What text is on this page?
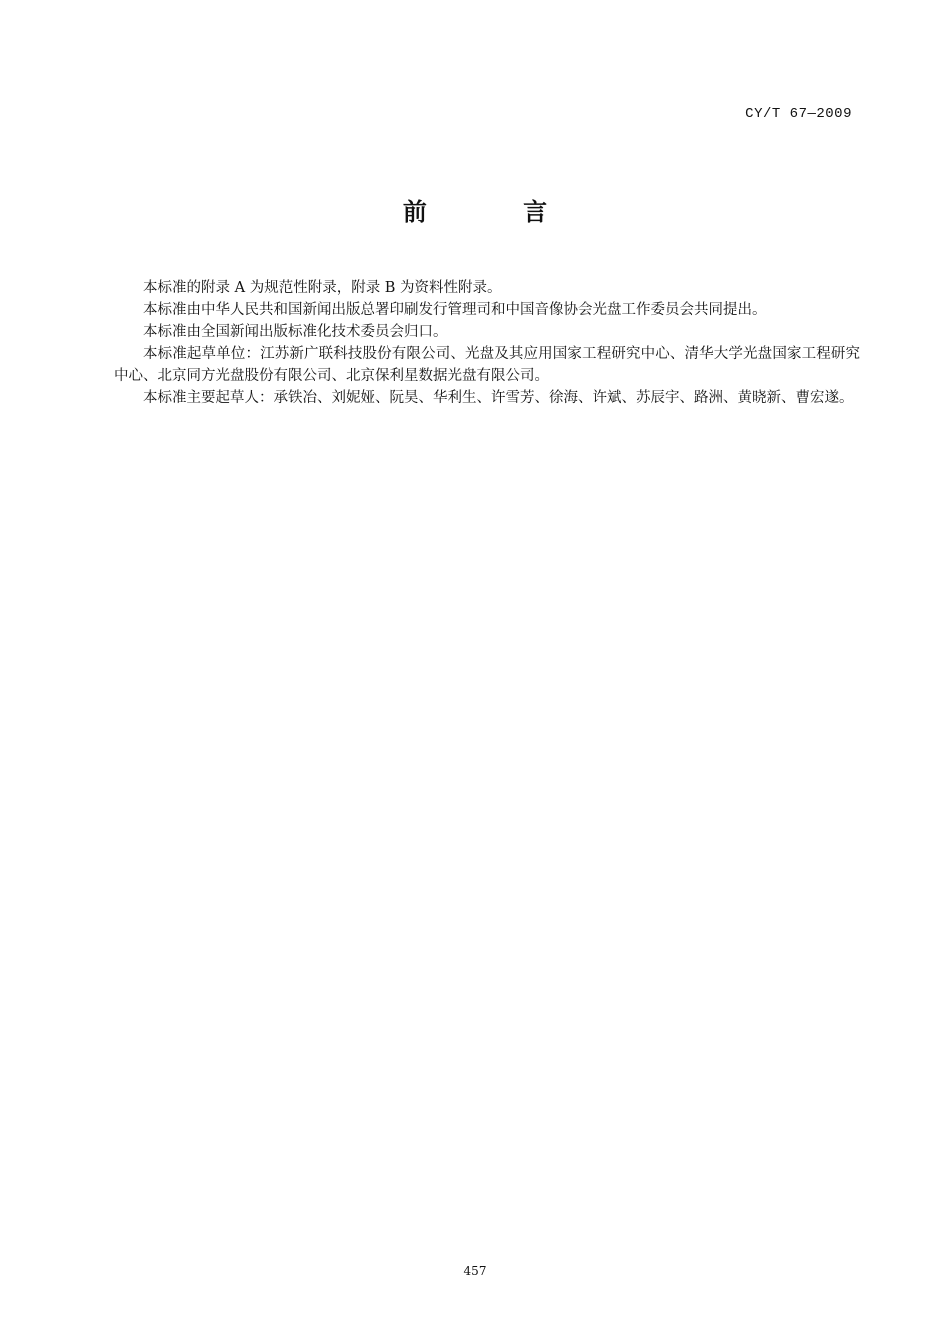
CY/T 67—2009
前 言

本标准的附录 A 为规范性附录，附录 B 为资料性附录。

本标准由中华人民共和国新闻出版总署印刷发行管理司和中国音像协会光盘工作委员会共同提出。

本标准由全国新闻出版标准化技术委员会归口。

本标准起草单位：江苏新广联科技股份有限公司、光盘及其应用国家工程研究中心、清华大学光盘国家工程研究中心、北京同方光盘股份有限公司、北京保利星数据光盘有限公司。

本标准主要起草人：承铁冶、刘妮娅、阮昊、华利生、许雪芳、徐海、许斌、苏辰宇、路洲、黄晓新、曹宏遂。

457
